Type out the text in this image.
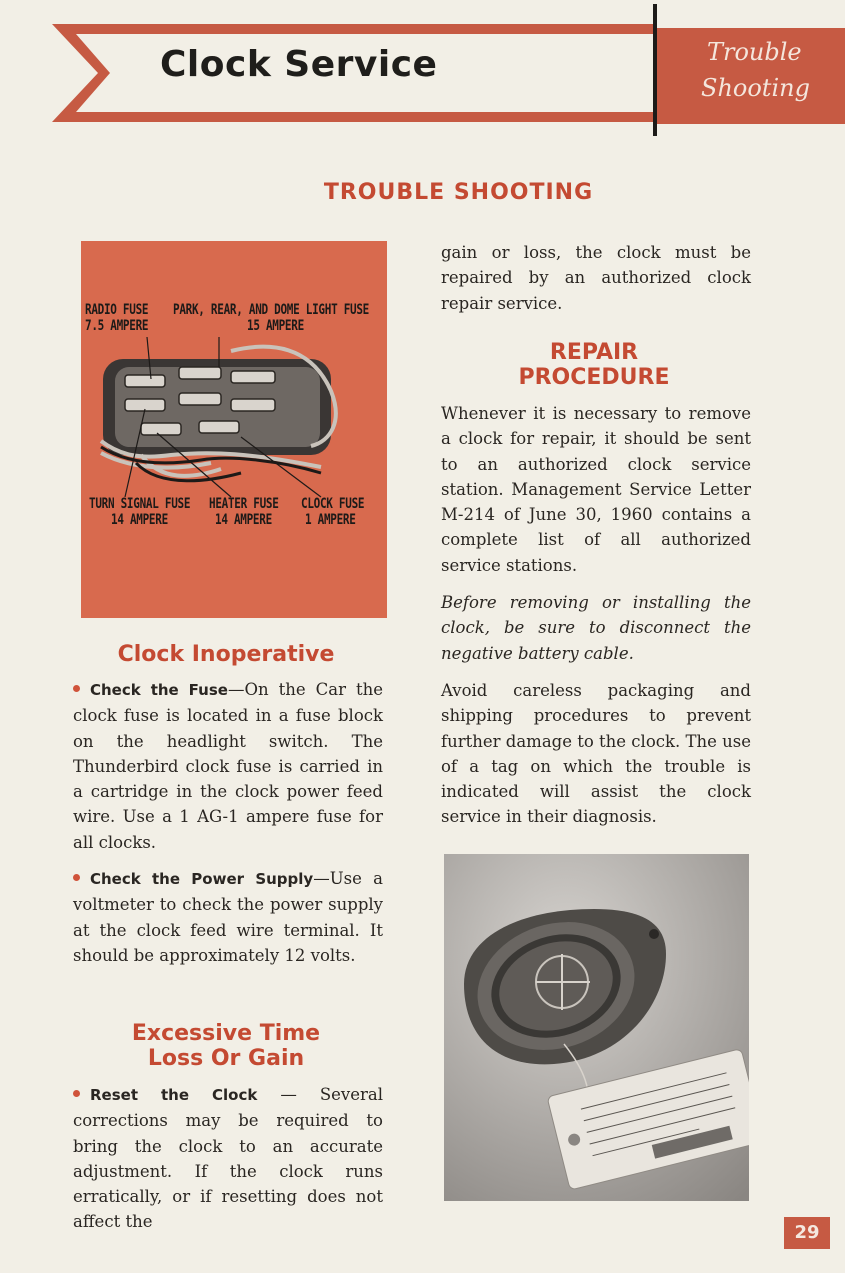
Clock Service	Trouble
Shooting
TROUBLE SHOOTING
RADIO FUSE
7.5 AMPERE
PARK, REAR, AND DOME LIGHT FUSE
15 AMPERE
TURN SIGNAL FUSE
14 AMPERE
HEATER FUSE
14 AMPERE
CLOCK FUSE
1 AMPERE
Clock Inoperative

Check the Fuse—On the Car the clock fuse is located in a fuse block on the headlight switch. The Thunderbird clock fuse is carried in a cartridge in the clock power feed wire. Use a 1 AG-1 ampere fuse for all clocks.

Check the Power Supply—Use a voltmeter to check the power supply at the clock feed wire terminal. It should be approximately 12 volts.

Excessive Time
Loss Or Gain

Reset the Clock — Several corrections may be required to bring the clock to an accurate adjustment. If the clock runs erratically, or if resetting does not affect the

gain or loss, the clock must be repaired by an authorized clock repair service.

REPAIR
PROCEDURE

Whenever it is necessary to remove a clock for repair, it should be sent to an authorized clock service station. Management Service Letter M-214 of June 30, 1960 contains a complete list of all authorized service stations.

Before removing or installing the clock, be sure to disconnect the negative battery cable.

Avoid careless packaging and shipping procedures to prevent further damage to the clock. The use of a tag on which the trouble is indicated will assist the clock service in their diagnosis.

29
